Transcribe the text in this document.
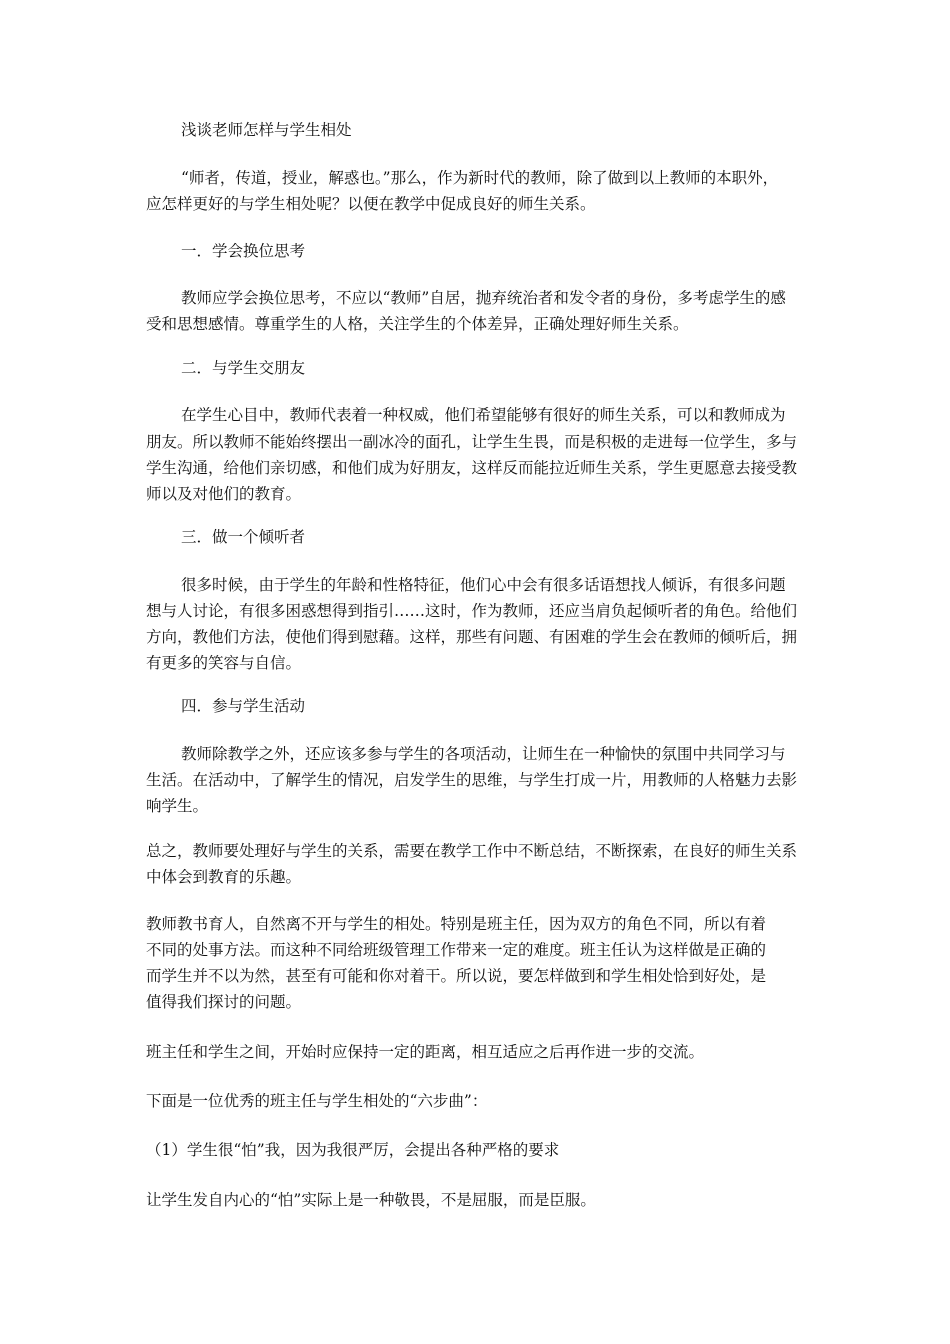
浅谈老师怎样与学生相处
“师者，传道，授业，解惑也。”那么，作为新时代的教师，除了做到以上教师的本职外，
应怎样更好的与学生相处呢？以便在教学中促成良好的师生关系。
一．学会换位思考
教师应学会换位思考，不应以“教师”自居，抛弃统治者和发令者的身份，多考虑学生的感
受和思想感情。尊重学生的人格，关注学生的个体差异，正确处理好师生关系。
二．与学生交朋友
在学生心目中，教师代表着一种权威，他们希望能够有很好的师生关系，可以和教师成为
朋友。所以教师不能始终摆出一副冰冷的面孔，让学生生畏，而是积极的走进每一位学生，多与
学生沟通，给他们亲切感，和他们成为好朋友，这样反而能拉近师生关系，学生更愿意去接受教
师以及对他们的教育。
三．做一个倾听者
很多时候，由于学生的年龄和性格特征，他们心中会有很多话语想找人倾诉，有很多问题
想与人讨论，有很多困惑想得到指引……这时，作为教师，还应当肩负起倾听者的角色。给他们
方向，教他们方法，使他们得到慰藉。这样，那些有问题、有困难的学生会在教师的倾听后，拥
有更多的笑容与自信。
四．参与学生活动
教师除教学之外，还应该多参与学生的各项活动，让师生在一种愉快的氛围中共同学习与
生活。在活动中，了解学生的情况，启发学生的思维，与学生打成一片，用教师的人格魅力去影
响学生。
总之，教师要处理好与学生的关系，需要在教学工作中不断总结，不断探索，在良好的师生关系
中体会到教育的乐趣。
教师教书育人，自然离不开与学生的相处。特别是班主任，因为双方的角色不同，所以有着
不同的处事方法。而这种不同给班级管理工作带来一定的难度。班主任认为这样做是正确的
而学生并不以为然，甚至有可能和你对着干。所以说，要怎样做到和学生相处恰到好处，是
值得我们探讨的问题。
班主任和学生之间，开始时应保持一定的距离，相互适应之后再作进一步的交流。
下面是一位优秀的班主任与学生相处的“六步曲”：
（1）学生很“怕”我，因为我很严厉，会提出各种严格的要求
让学生发自内心的“怕”实际上是一种敬畏，不是屈服，而是臣服。
